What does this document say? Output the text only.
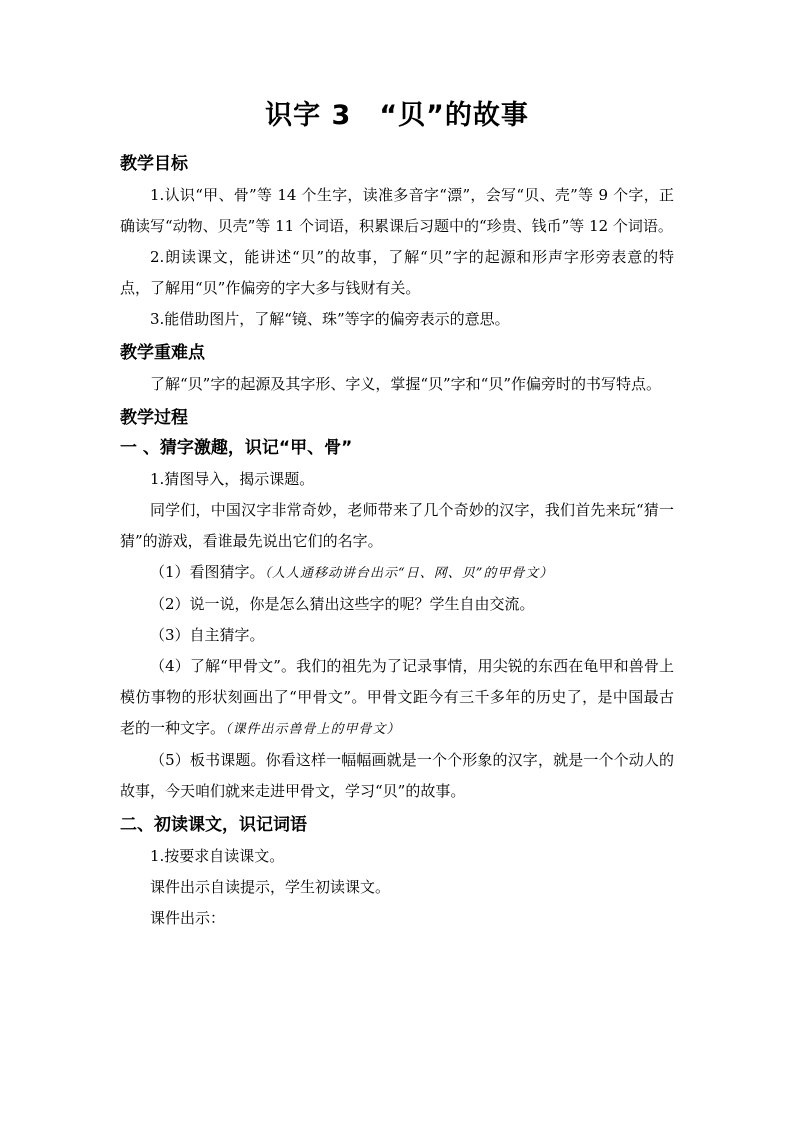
识字 3　“贝”的故事
教学目标

1.认识“甲、骨”等 14 个生字，读准多音字“漂”，会写“贝、壳”等 9 个字，正确读写“动物、贝壳”等 11 个词语，积累课后习题中的“珍贵、钱币”等 12 个词语。

2.朗读课文，能讲述“贝”的故事，了解“贝”字的起源和形声字形旁表意的特点，了解用“贝”作偏旁的字大多与钱财有关。

3.能借助图片，了解“镜、珠”等字的偏旁表示的意思。

教学重难点

了解“贝”字的起源及其字形、字义，掌握“贝”字和“贝”作偏旁时的书写特点。

教学过程
一 、猜字激趣，识记“甲、骨”

1.猜图导入，揭示课题。

同学们，中国汉字非常奇妙，老师带来了几个奇妙的汉字，我们首先来玩“猜一猜”的游戏，看谁最先说出它们的名字。

（1）看图猜字。（人人通移动讲台出示“日、网、贝”的甲骨文）

（2）说一说，你是怎么猜出这些字的呢？学生自由交流。

（3）自主猜字。

（4）了解“甲骨文”。我们的祖先为了记录事情，用尖锐的东西在龟甲和兽骨上模仿事物的形状刻画出了“甲骨文”。甲骨文距今有三千多年的历史了，是中国最古老的一种文字。（课件出示兽骨上的甲骨文）

（5）板书课题。你看这样一幅幅画就是一个个形象的汉字，就是一个个动人的故事，今天咱们就来走进甲骨文，学习“贝”的故事。

二、初读课文，识记词语

1.按要求自读课文。

课件出示自读提示，学生初读课文。

课件出示：
